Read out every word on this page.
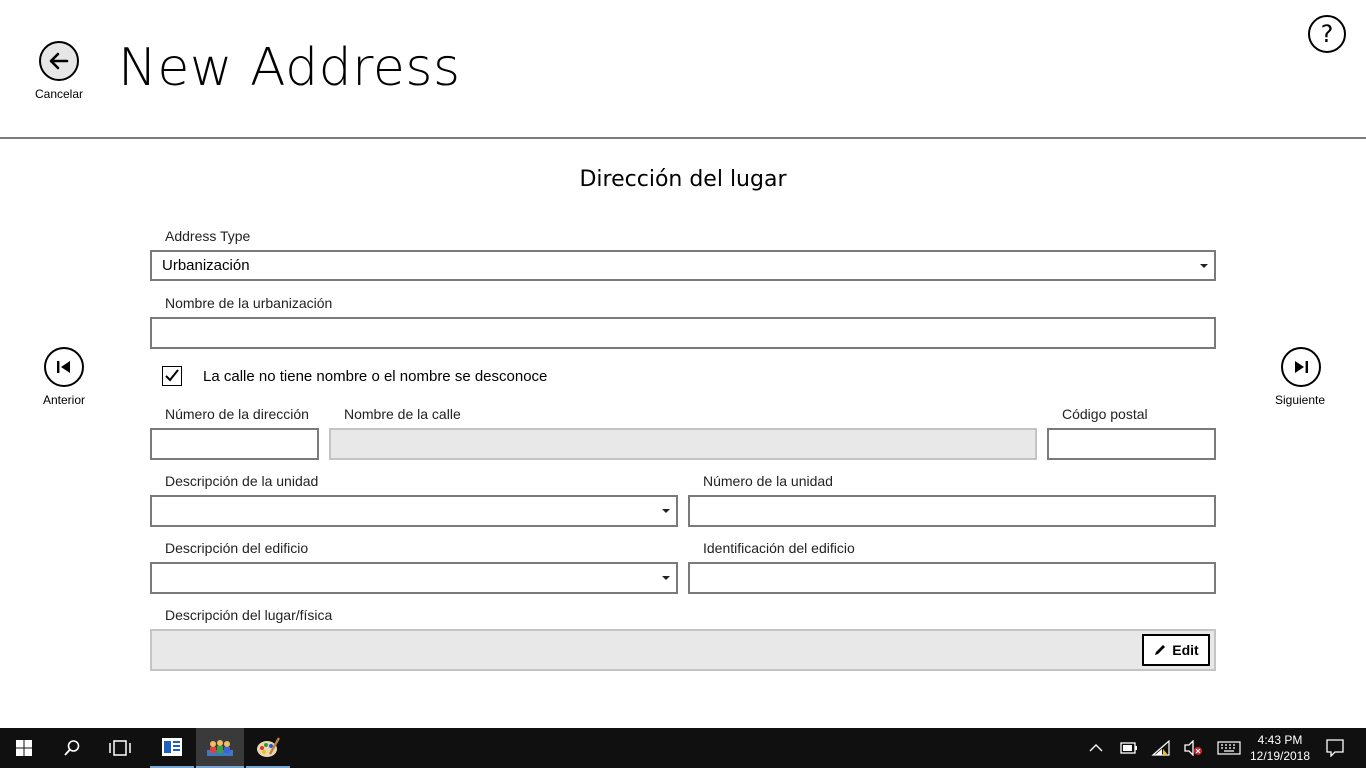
Cancelar New Address
?
Dirección del lugar
Anterior	Siguiente
Address Type
Urbanización
Nombre de la urbanización
La calle no tiene nombre o el nombre se desconoce
Número de la dirección	Nombre de la calle	Código postal
Descripción de la unidad	Número de la unidad
Descripción del edificio	Identificación del edificio
Descripción del lugar/física
Edit
4:43 PM
12/19/2018
